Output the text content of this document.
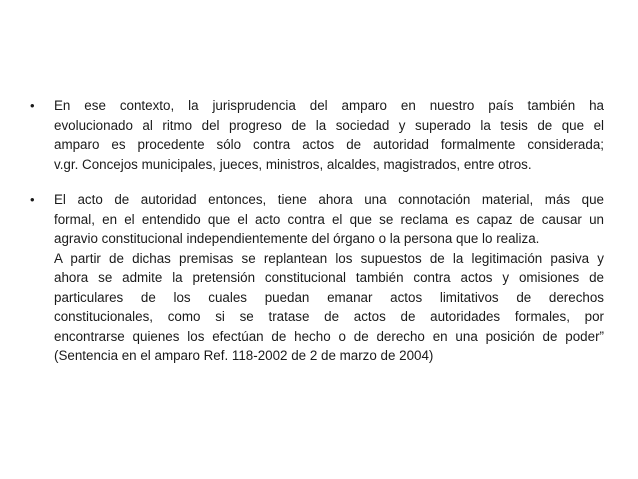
•	En ese contexto, la jurisprudencia del amparo en nuestro país también ha
evolucionado al ritmo del progreso de la sociedad y superado la tesis de que el
amparo es procedente sólo contra actos de autoridad formalmente considerada;
v.gr. Concejos municipales, jueces, ministros, alcaldes, magistrados, entre otros.

•	El acto de autoridad entonces, tiene ahora una connotación material, más que
formal, en el entendido que el acto contra el que se reclama es capaz de causar un
agravio constitucional independientemente del órgano o la persona que lo realiza.
A partir de dichas premisas se replantean los supuestos de la legitimación pasiva y
ahora se admite la pretensión constitucional también contra actos y omisiones de
particulares de los cuales puedan emanar actos limitativos de derechos
constitucionales, como si se tratase de actos de autoridades formales, por
encontrarse quienes los efectúan de hecho o de derecho en una posición de poder”
(Sentencia en el amparo Ref. 118-2002 de 2 de marzo de 2004)
